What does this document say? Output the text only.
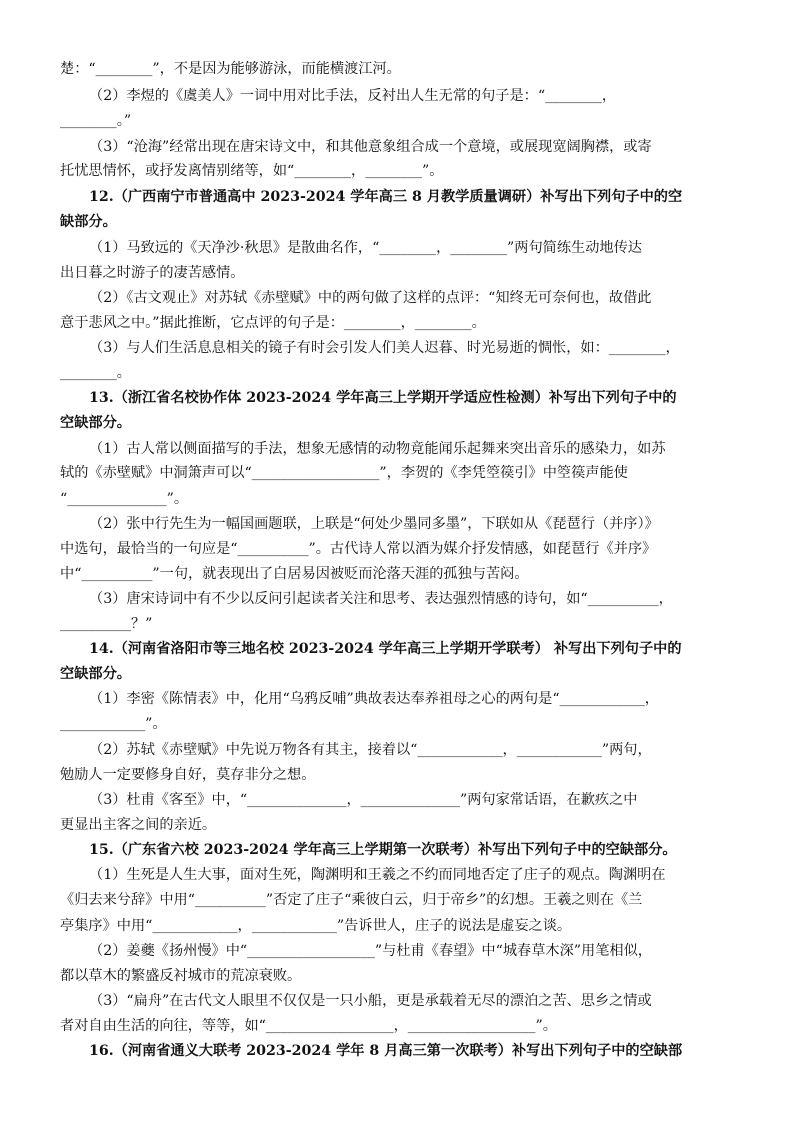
楚：“________”，不是因为能够游泳，而能横渡江河。
（2）李煜的《虞美人》一词中用对比手法，反衬出人生无常的句子是：“________，
________。”
（3）“沧海”经常出现在唐宋诗文中，和其他意象组合成一个意境，或展现宽阔胸襟，或寄
托忧思情怀，或抒发离情别绪等，如“________，________”。
12.（广西南宁市普通高中 2023-2024 学年高三 8 月教学质量调研）补写出下列句子中的空
缺部分。
（1）马致远的《天净沙·秋思》是散曲名作，“________，________”两句简练生动地传达
出日暮之时游子的凄苦感情。
（2）《古文观止》对苏轼《赤壁赋》中的两句做了这样的点评：“知终无可奈何也，故借此
意于悲风之中。”据此推断，它点评的句子是：________，________。
（3）与人们生活息息相关的镜子有时会引发人们美人迟暮、时光易逝的惆怅，如：________，
________。
13.（浙江省名校协作体 2023-2024 学年高三上学期开学适应性检测）补写出下列句子中的
空缺部分。
（1）古人常以侧面描写的手法，想象无感情的动物竟能闻乐起舞来突出音乐的感染力，如苏
轼的《赤壁赋》中洞箫声可以“__________________”，李贺的《李凭箜篌引》中箜篌声能使
“______________”。
（2）张中行先生为一幅国画题联，上联是“何处少墨同多墨”，下联如从《琵琶行（并序）》
中选句，最恰当的一句应是“__________”。古代诗人常以酒为媒介抒发情感，如琵琶行《并序》
中“__________”一句，就表现出了白居易因被贬而沦落天涯的孤独与苦闷。
（3）唐宋诗词中有不少以反问引起读者关注和思考、表达强烈情感的诗句，如“__________，
__________？”
14.（河南省洛阳市等三地名校 2023-2024 学年高三上学期开学联考） 补写出下列句子中的
空缺部分。
（1）李密《陈情表》中，化用“乌鸦反哺”典故表达奉养祖母之心的两句是“____________，
____________”。
（2）苏轼《赤壁赋》中先说万物各有其主，接着以“____________，____________”两句，
勉励人一定要修身自好，莫存非分之想。
（3）杜甫《客至》中，“______________，______________”两句家常话语，在歉疚之中
更显出主客之间的亲近。
15.（广东省六校 2023-2024 学年高三上学期第一次联考）补写出下列句子中的空缺部分。
（1）生死是人生大事，面对生死，陶渊明和王羲之不约而同地否定了庄子的观点。陶渊明在
《归去来兮辞》中用“__________”否定了庄子“乘彼白云，归于帝乡”的幻想。王羲之则在《兰
亭集序》中用“____________，____________”告诉世人，庄子的说法是虚妄之谈。
（2）姜夔《扬州慢》中“__________________”与杜甫《春望》中“城春草木深”用笔相似，
都以草木的繁盛反衬城市的荒凉衰败。
（3）“扁舟”在古代文人眼里不仅仅是一只小船，更是承载着无尽的漂泊之苦、思乡之情或
者对自由生活的向往，等等，如“__________________，__________________”。
16.（河南省通义大联考 2023-2024 学年 8 月高三第一次联考）补写出下列句子中的空缺部
